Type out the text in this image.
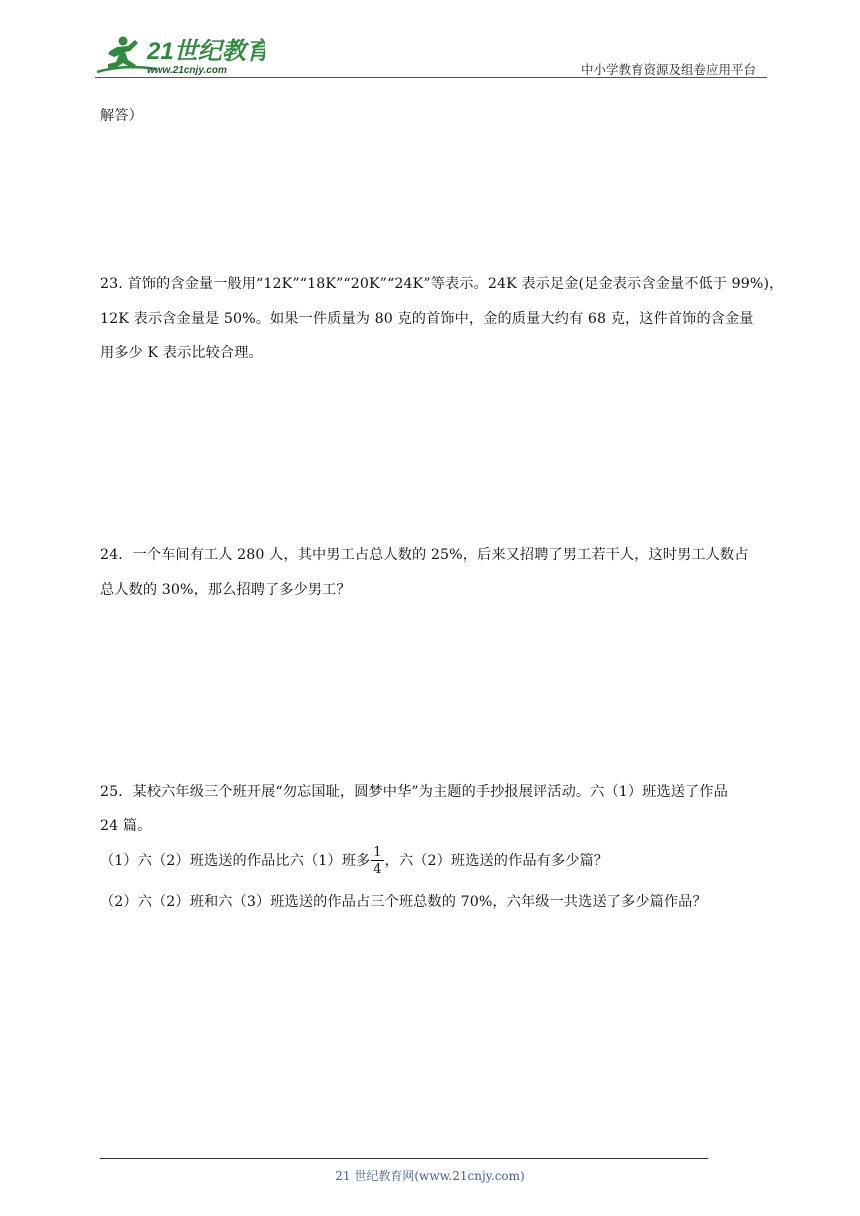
21世纪教育
www.21cnjy.com	中小学教育资源及组卷应用平台
解答）
23. 首饰的含金量一般用“12K”“18K”“20K”“24K”等表示。24K 表示足金(足金表示含金量不低于 99%)，
12K 表示含金量是 50%。如果一件质量为 80 克的首饰中，金的质量大约有 68 克，这件首饰的含金量
用多少 K 表示比较合理。
24．一个车间有工人 280 人，其中男工占总人数的 25%，后来又招聘了男工若干人，这时男工人数占
总人数的 30%，那么招聘了多少男工？
25．某校六年级三个班开展“勿忘国耻，圆梦中华”为主题的手抄报展评活动。六（1）班选送了作品
24 篇。
（1）六（2）班选送的作品比六（1）班多 $\frac{1}{4}$ ，六（2）班选送的作品有多少篇？
（2）六（2）班和六（3）班选送的作品占三个班总数的 70%，六年级一共选送了多少篇作品？
21 世纪教育网(www.21cnjy.com)
